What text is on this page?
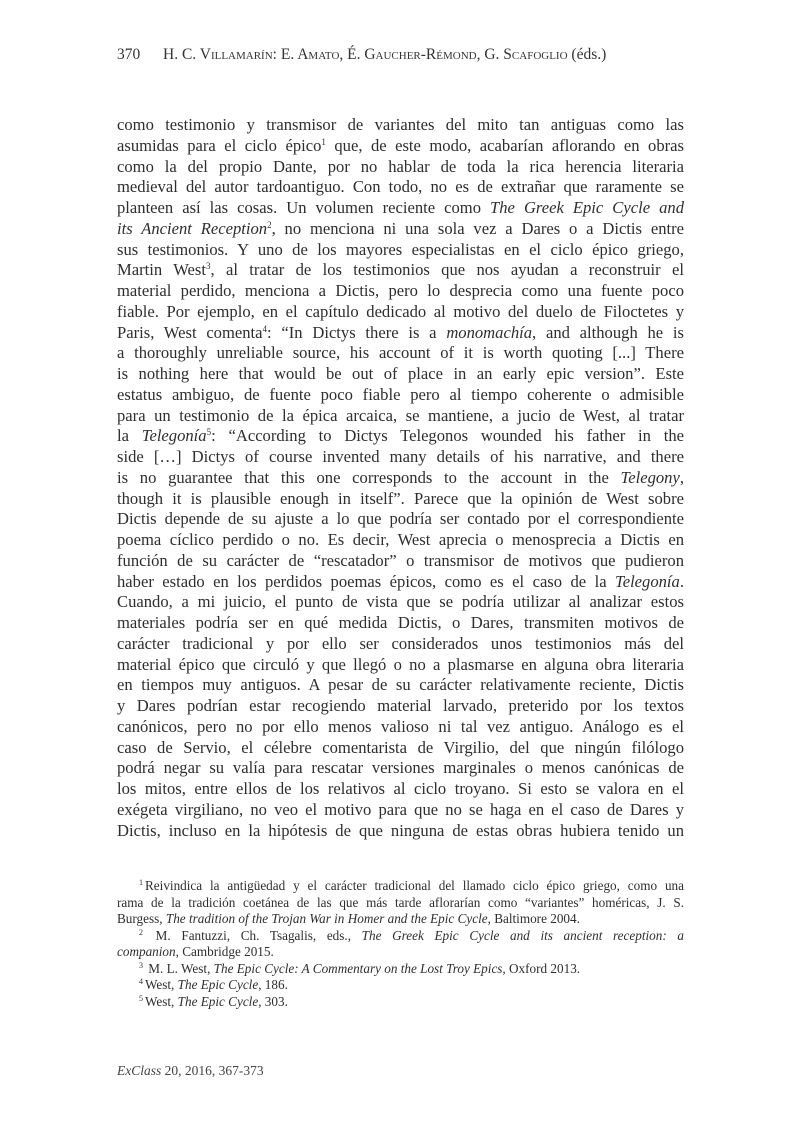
370 H. C. Villamarín: E. Amato, É. Gaucher-Rémond, G. Scafoglio (éds.)
como testimonio y transmisor de variantes del mito tan antiguas como las
asumidas para el ciclo épico$^1$ que, de este modo, acabarían aflorando en obras
como la del propio Dante, por no hablar de toda la rica herencia literaria
medieval del autor tardoantiguo. Con todo, no es de extrañar que raramente se
planteen así las cosas. Un volumen reciente como The Greek Epic Cycle and
its Ancient Reception$^2$, no menciona ni una sola vez a Dares o a Dictis entre
sus testimonios. Y uno de los mayores especialistas en el ciclo épico griego,
Martin West$^3$, al tratar de los testimonios que nos ayudan a reconstruir el
material perdido, menciona a Dictis, pero lo desprecia como una fuente poco
fiable. Por ejemplo, en el capítulo dedicado al motivo del duelo de Filoctetes y
Paris, West comenta$^4$: “In Dictys there is a monomachía, and although he is
a thoroughly unreliable source, his account of it is worth quoting [...] There
is nothing here that would be out of place in an early epic version”. Este
estatus ambiguo, de fuente poco fiable pero al tiempo coherente o admisible
para un testimonio de la épica arcaica, se mantiene, a jucio de West, al tratar
la Telegonía$^5$: “According to Dictys Telegonos wounded his father in the
side […] Dictys of course invented many details of his narrative, and there
is no guarantee that this one corresponds to the account in the Telegony,
though it is plausible enough in itself”. Parece que la opinión de West sobre
Dictis depende de su ajuste a lo que podría ser contado por el correspondiente
poema cíclico perdido o no. Es decir, West aprecia o menosprecia a Dictis en
función de su carácter de “rescatador” o transmisor de motivos que pudieron
haber estado en los perdidos poemas épicos, como es el caso de la Telegonía.
Cuando, a mi juicio, el punto de vista que se podría utilizar al analizar estos
materiales podría ser en qué medida Dictis, o Dares, transmiten motivos de
carácter tradicional y por ello ser considerados unos testimonios más del
material épico que circuló y que llegó o no a plasmarse en alguna obra literaria
en tiempos muy antiguos. A pesar de su carácter relativamente reciente, Dictis
y Dares podrían estar recogiendo material larvado, preterido por los textos
canónicos, pero no por ello menos valioso ni tal vez antiguo. Análogo es el
caso de Servio, el célebre comentarista de Virgilio, del que ningún filólogo
podrá negar su valía para rescatar versiones marginales o menos canónicas de
los mitos, entre ellos de los relativos al ciclo troyano. Si esto se valora en el
exégeta virgiliano, no veo el motivo para que no se haga en el caso de Dares y
Dictis, incluso en la hipótesis de que ninguna de estas obras hubiera tenido un
$^1$ Reivindica la antigüedad y el carácter tradicional del llamado ciclo épico griego, como una
rama de la tradición coetánea de las que más tarde aflorarían como “variantes” homéricas, J. S.
Burgess, The tradition of the Trojan War in Homer and the Epic Cycle, Baltimore 2004.
$^2$ M. Fantuzzi, Ch. Tsagalis, eds., The Greek Epic Cycle and its ancient reception: a
companion, Cambridge 2015.
$^3$ M. L. West, The Epic Cycle: A Commentary on the Lost Troy Epics, Oxford 2013.
$^4$ West, The Epic Cycle, 186.
$^5$ West, The Epic Cycle, 303.
ExClass 20, 2016, 367-373
